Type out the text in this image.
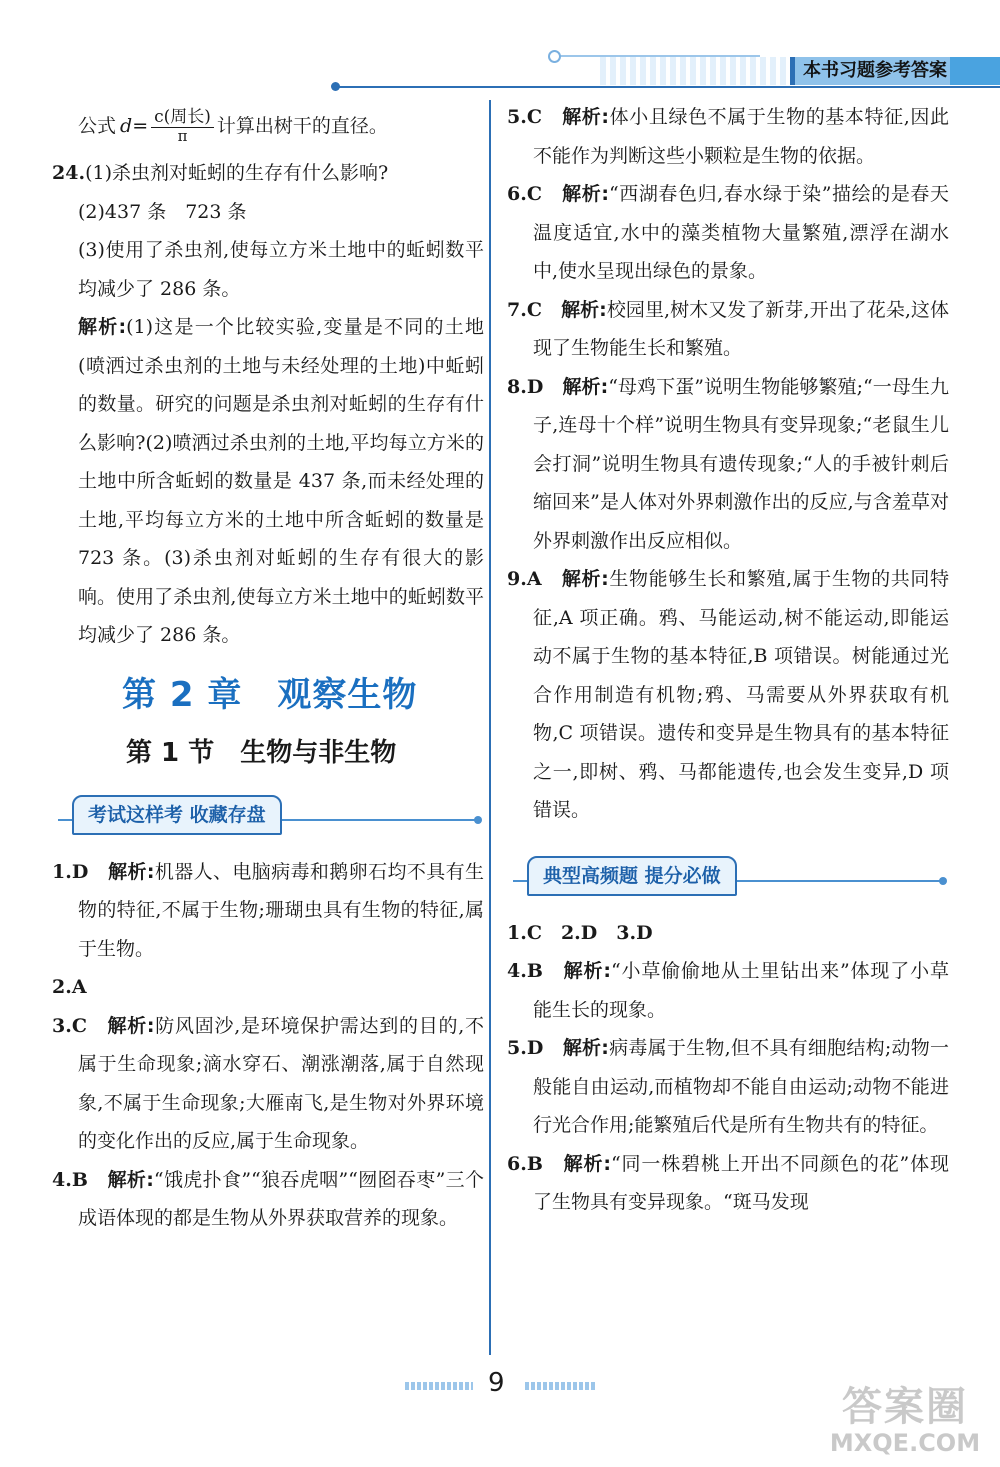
本书习题参考答案
公式 $d = \frac{\text{c(周长)}}{\pi}$ 计算出树干的直径。

24.(1)杀虫剂对蚯蚓的生存有什么影响?

(2)437 条　723 条

(3)使用了杀虫剂,使每立方米土地中的蚯蚓数平均减少了 286 条。

解析:(1)这是一个比较实验,变量是不同的土地(喷洒过杀虫剂的土地与未经处理的土地)中蚯蚓的数量。研究的问题是杀虫剂对蚯蚓的生存有什么影响?(2)喷洒过杀虫剂的土地,平均每立方米的土地中所含蚯蚓的数量是 437 条,而未经处理的土地,平均每立方米的土地中所含蚯蚓的数量是 723 条。(3)杀虫剂对蚯蚓的生存有很大的影响。使用了杀虫剂,使每立方米土地中的蚯蚓数平均减少了 286 条。

第 2 章　观察生物
第 1 节　生物与非生物
考试这样考 收藏存盘

1.D　 解析:机器人、电脑病毒和鹅卵石均不具有生物的特征,不属于生物;珊瑚虫具有生物的特征,属于生物。

2.A

3.C　 解析:防风固沙,是环境保护需达到的目的,不属于生命现象;滴水穿石、潮涨潮落,属于自然现象,不属于生命现象;大雁南飞,是生物对外界环境的变化作出的反应,属于生命现象。

4.B　 解析:“饿虎扑食”“狼吞虎咽”“囫囵吞枣”三个成语体现的都是生物从外界获取营养的现象。

5.C　 解析:体小且绿色不属于生物的基本特征,因此不能作为判断这些小颗粒是生物的依据。

6.C　 解析:“西湖春色归,春水绿于染”描绘的是春天温度适宜,水中的藻类植物大量繁殖,漂浮在湖水中,使水呈现出绿色的景象。

7.C　 解析:校园里,树木又发了新芽,开出了花朵,这体现了生物能生长和繁殖。

8.D　 解析:“母鸡下蛋”说明生物能够繁殖;“一母生九子,连母十个样”说明生物具有变异现象;“老鼠生儿会打洞”说明生物具有遗传现象;“人的手被针刺后缩回来”是人体对外界刺激作出的反应,与含羞草对外界刺激作出反应相似。

9.A　 解析:生物能够生长和繁殖,属于生物的共同特征,A 项正确。鸦、马能运动,树不能运动,即能运动不属于生物的基本特征,B 项错误。树能通过光合作用制造有机物;鸦、马需要从外界获取有机物,C 项错误。遗传和变异是生物具有的基本特征之一,即树、鸦、马都能遗传,也会发生变异,D 项错误。

典型高频题 提分必做

1.C　2.D　3.D

4.B　 解析:“小草偷偷地从土里钻出来”体现了小草能生长的现象。

5.D　 解析:病毒属于生物,但不具有细胞结构;动物一般能自由运动,而植物却不能自由运动;动物不能进行光合作用;能繁殖后代是所有生物共有的特征。

6.B　 解析:“同一株碧桃上开出不同颜色的花”体现了生物具有变异现象。“斑马发现

9
答案圈
MXQE.COM
